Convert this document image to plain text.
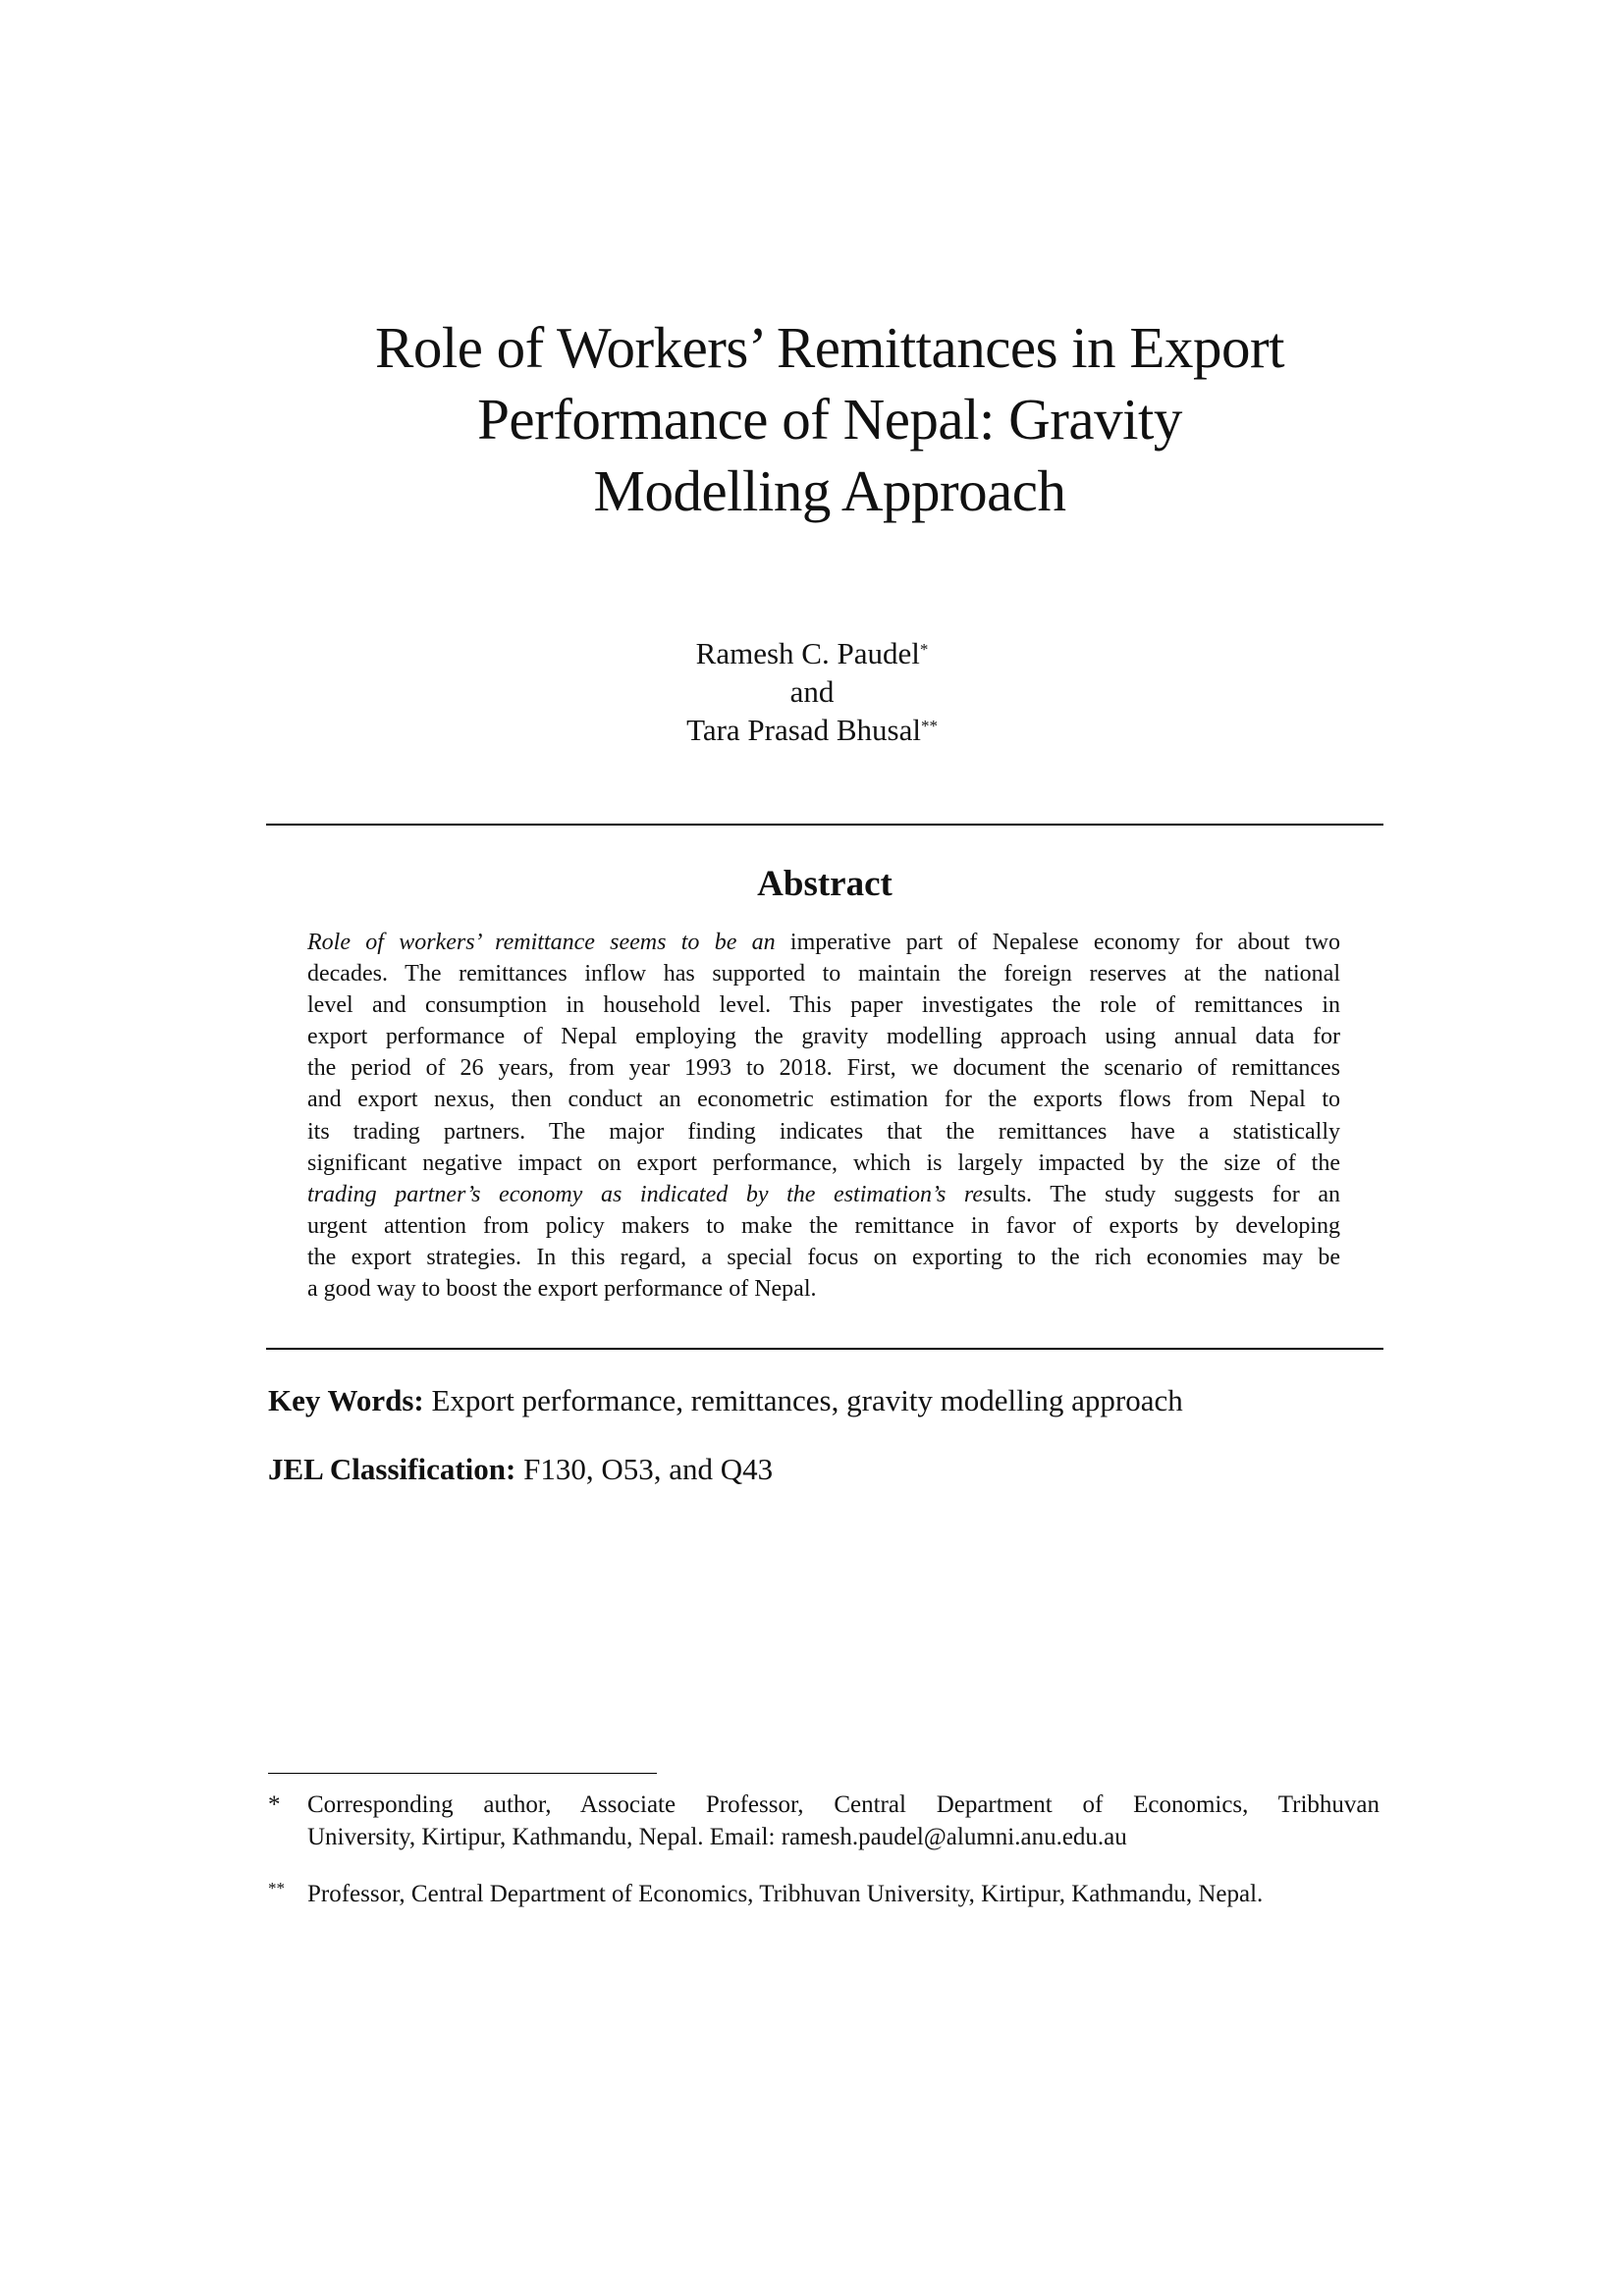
Role of Workers’ Remittances in Export
Performance of Nepal: Gravity
Modelling Approach
Ramesh C. Paudel*
and
Tara Prasad Bhusal**
Abstract
Role of workers’ remittance seems to be an imperative part of Nepalese economy for about two
decades. The remittances inflow has supported to maintain the foreign reserves at the national
level and consumption in household level. This paper investigates the role of remittances in
export performance of Nepal employing the gravity modelling approach using annual data for
the period of 26 years, from year 1993 to 2018. First, we document the scenario of remittances
and export nexus, then conduct an econometric estimation for the exports flows from Nepal to
its trading partners. The major finding indicates that the remittances have a statistically
significant negative impact on export performance, which is largely impacted by the size of the
trading partner’s economy as indicated by the estimation’s results. The study suggests for an
urgent attention from policy makers to make the remittance in favor of exports by developing
the export strategies. In this regard, a special focus on exporting to the rich economies may be
a good way to boost the export performance of Nepal.
Key Words: Export performance, remittances, gravity modelling approach
JEL Classification: F130, O53, and Q43
* Corresponding author, Associate Professor, Central Department of Economics, Tribhuvan
University, Kirtipur, Kathmandu, Nepal. Email: ramesh.paudel@alumni.anu.edu.au
** Professor, Central Department of Economics, Tribhuvan University, Kirtipur, Kathmandu, Nepal.
